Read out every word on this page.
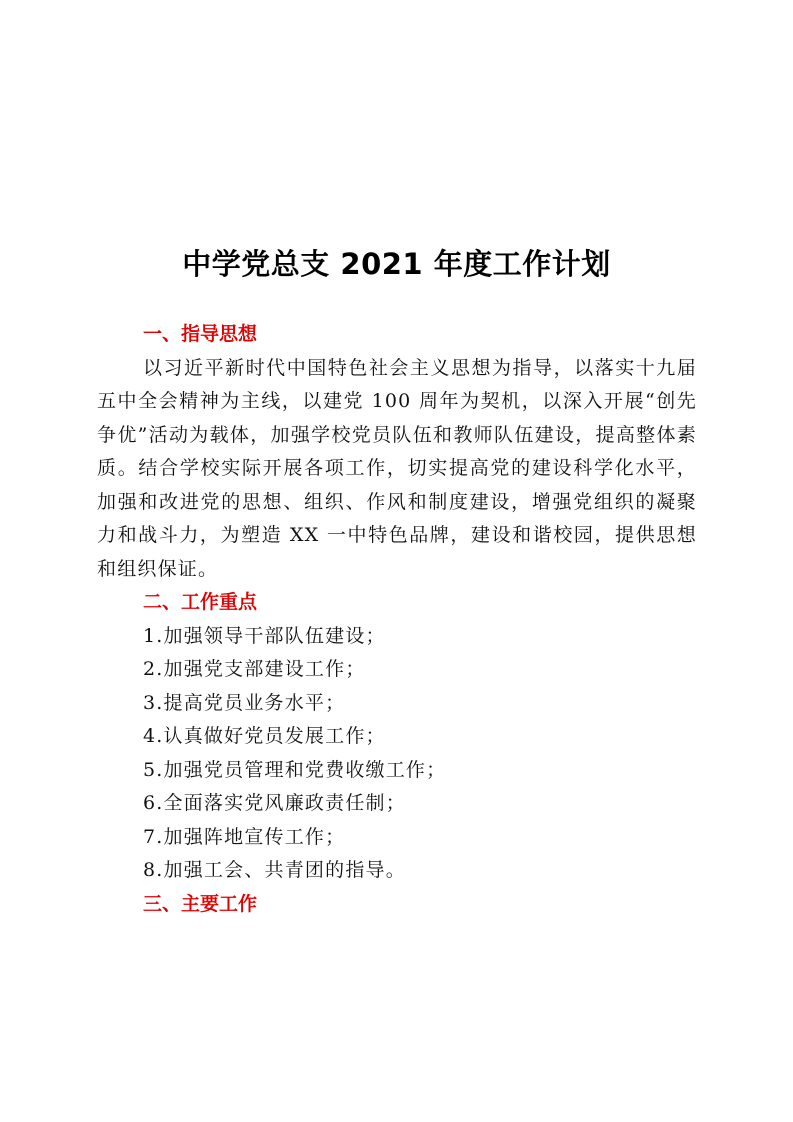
中学党总支 2021 年度工作计划
一、指导思想

以习近平新时代中国特色社会主义思想为指导，以落实十九届五中全会精神为主线，以建党 100 周年为契机，以深入开展“创先争优”活动为载体，加强学校党员队伍和教师队伍建设，提高整体素质。结合学校实际开展各项工作，切实提高党的建设科学化水平，加强和改进党的思想、组织、作风和制度建设，增强党组织的凝聚力和战斗力，为塑造 XX 一中特色品牌，建设和谐校园，提供思想和组织保证。

二、工作重点
1.加强领导干部队伍建设；
2.加强党支部建设工作；
3.提高党员业务水平；
4.认真做好党员发展工作；
5.加强党员管理和党费收缴工作；
6.全面落实党风廉政责任制；
7.加强阵地宣传工作；
8.加强工会、共青团的指导。
三、主要工作
